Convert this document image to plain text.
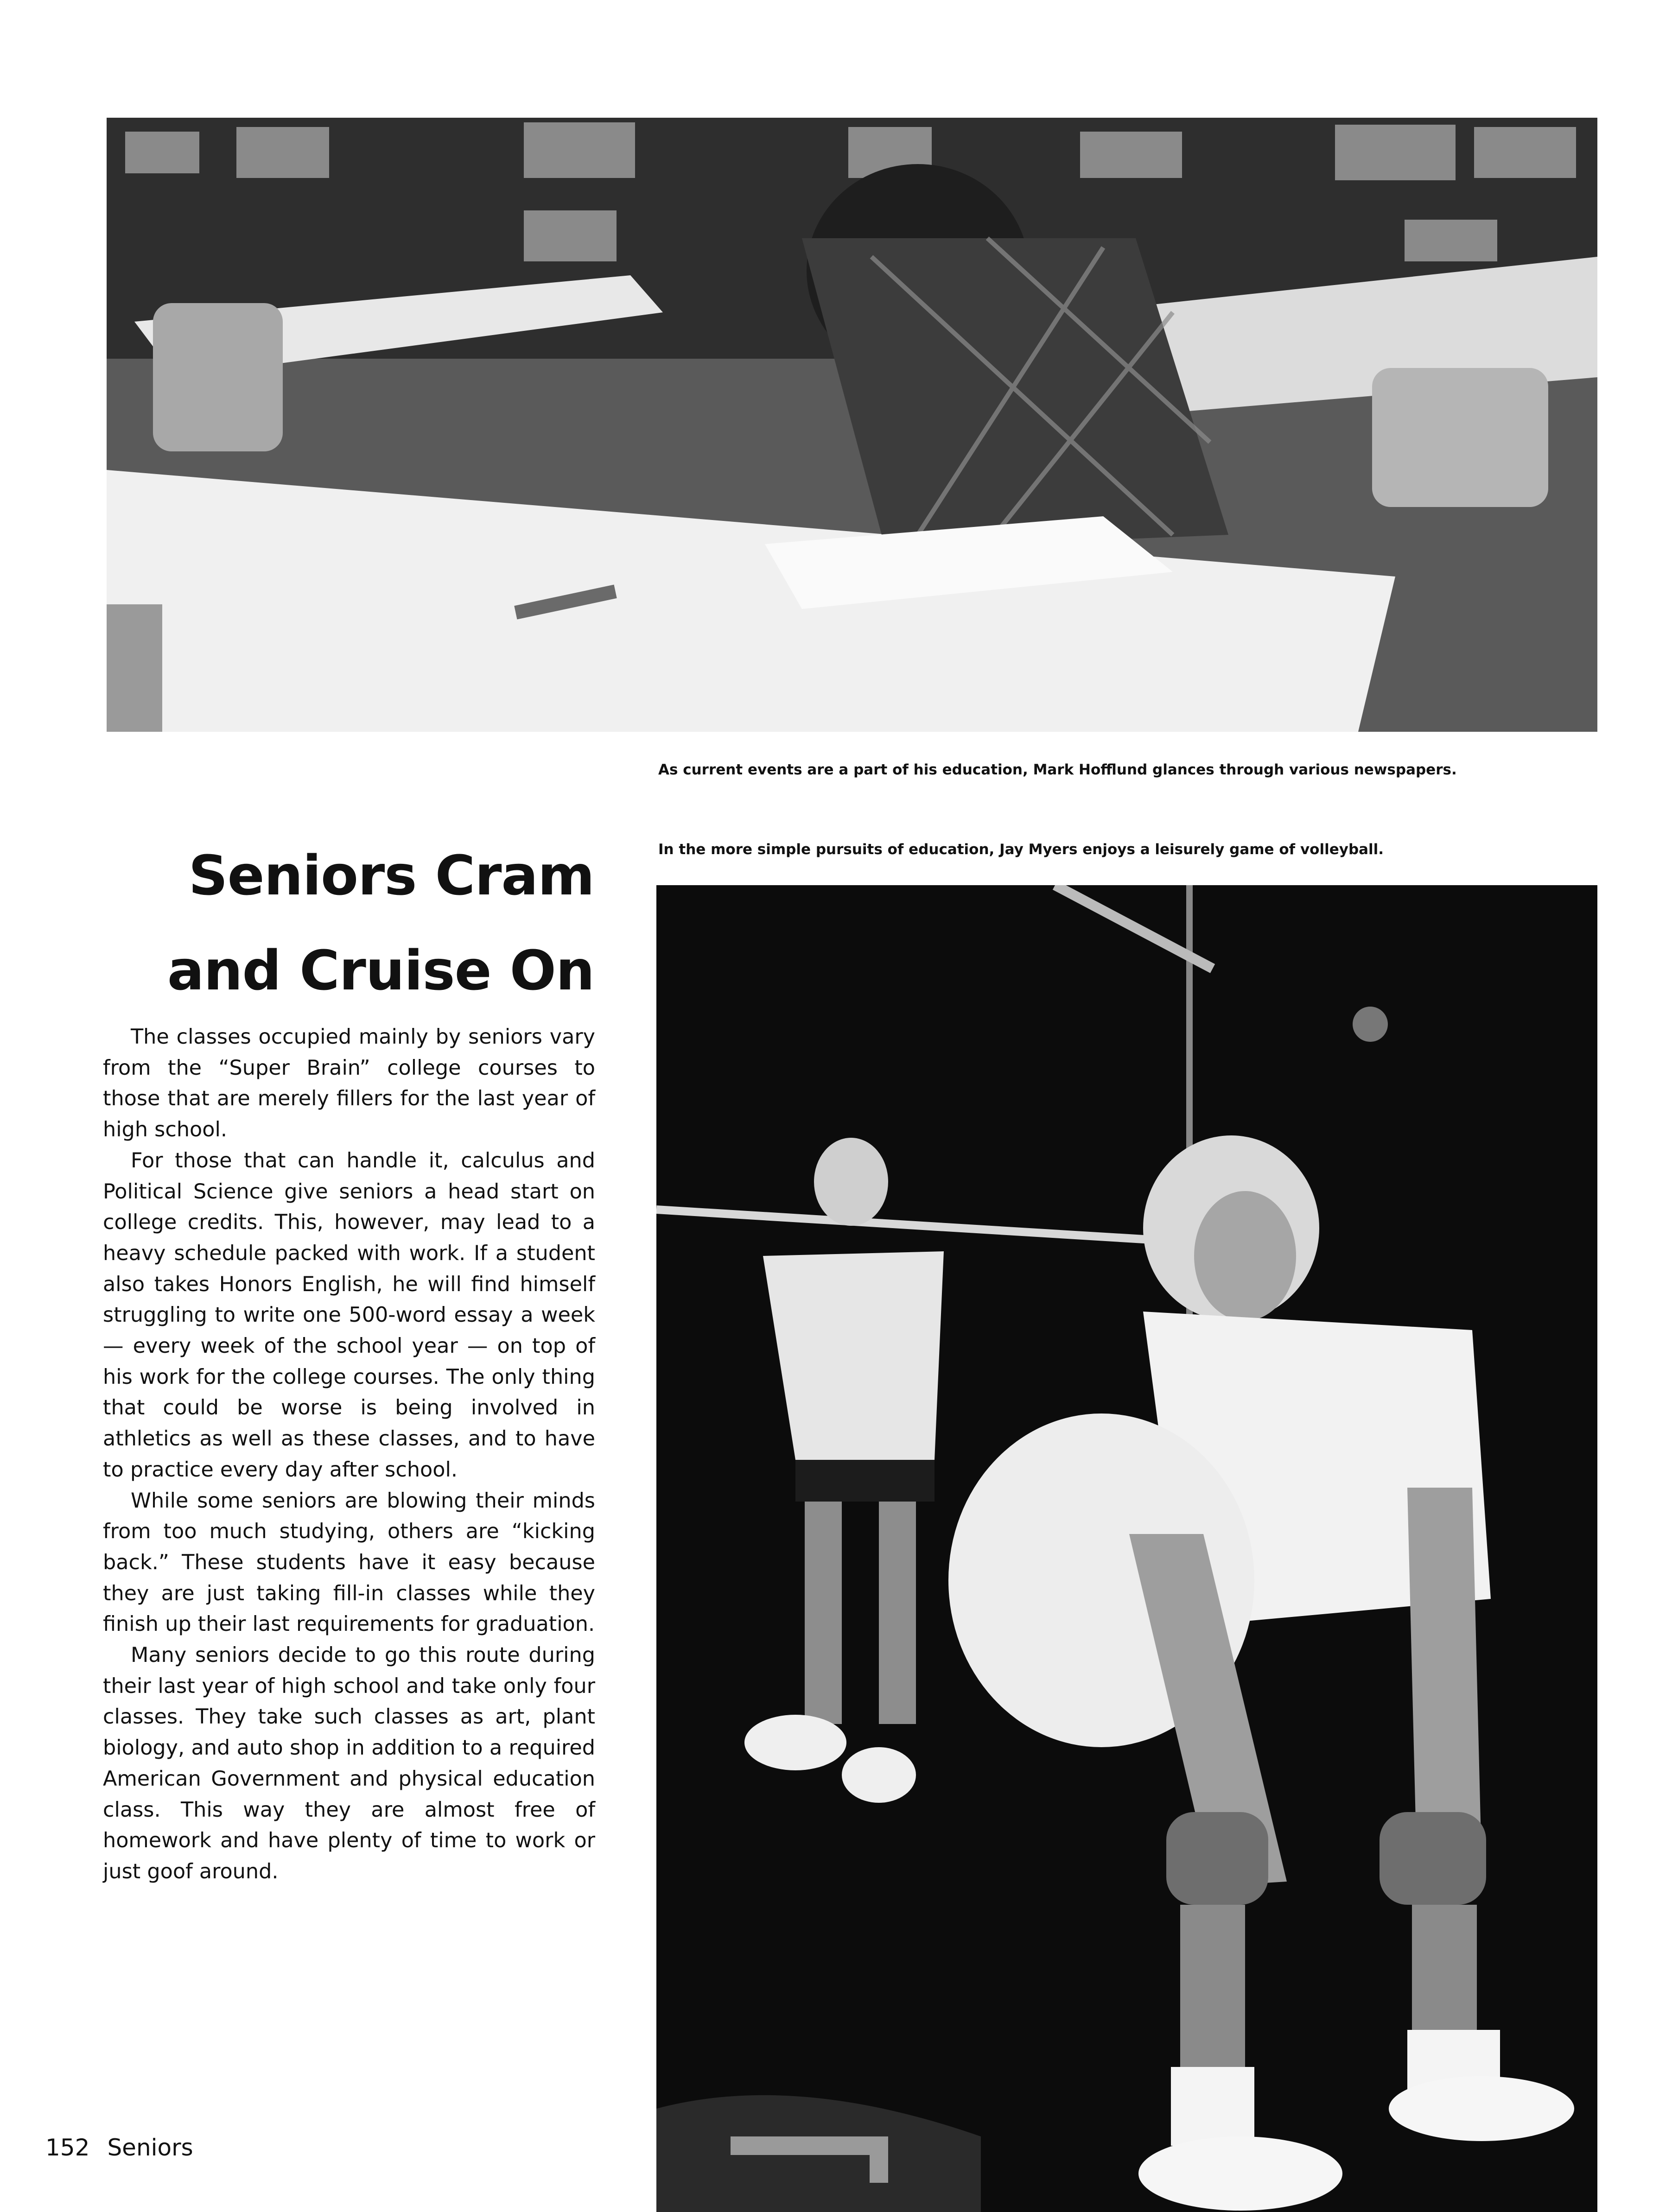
As current events are a part of his education, Mark Hofflund glances through various newspapers.
Seniors Cram
and Cruise On

The classes occupied mainly by seniors vary from the “Super Brain” college courses to those that are merely fillers for the last year of high school.

For those that can handle it, calculus and Political Science give seniors a head start on college credits. This, however, may lead to a heavy schedule packed with work. If a student also takes Honors English, he will find himself struggling to write one 500-word essay a week — every week of the school year — on top of his work for the college courses. The only thing that could be worse is being involved in athletics as well as these classes, and to have to practice every day after school.

While some seniors are blowing their minds from too much studying, others are “kicking back.” These students have it easy because they are just taking fill-in classes while they finish up their last requirements for graduation.

Many seniors decide to go this route during their last year of high school and take only four classes. They take such classes as art, plant biology, and auto shop in addition to a required American Government and physical education class. This way they are almost free of homework and have plenty of time to work or just goof around.

In the more simple pursuits of education, Jay Myers enjoys a leisurely game of volleyball.
152 Seniors
